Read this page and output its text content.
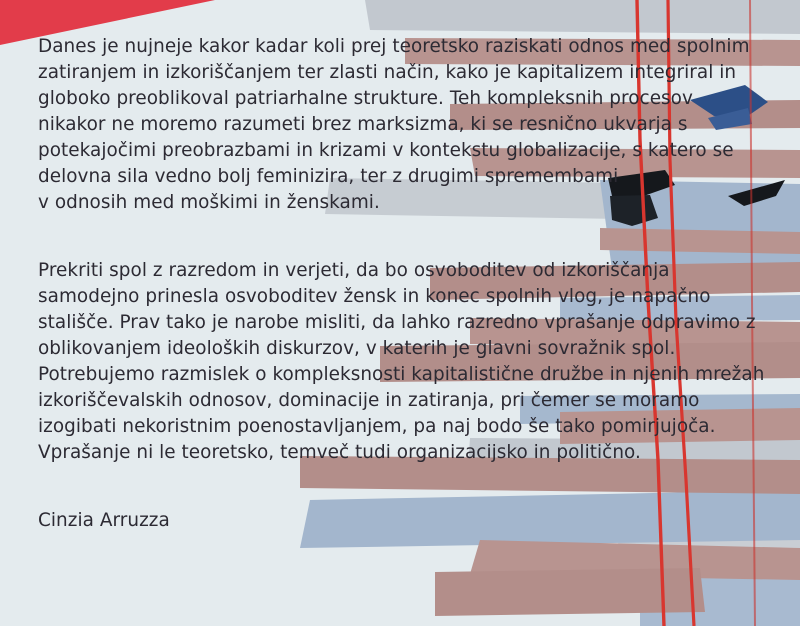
Danes je nujneje kakor kadar koli prej teoretsko raziskati odnos med spolnim
zatiranjem in izkoriščanjem ter zlasti način, kako je kapitalizem integriral in
globoko preoblikoval patriarhalne strukture. Teh kompleksnih procesov
nikakor ne moremo razumeti brez marksizma, ki se resnično ukvarja s
potekajočimi preobrazbami in krizami v kontekstu globalizacije, s katero se
delovna sila vedno bolj feminizira, ter z drugimi spremembami
v odnosih med moškimi in ženskami.
Prekriti spol z razredom in verjeti, da bo osvoboditev od izkoriščanja
samodejno prinesla osvoboditev žensk in konec spolnih vlog, je napačno
stališče. Prav tako je narobe misliti, da lahko razredno vprašanje odpravimo z
oblikovanjem ideoloških diskurzov, v katerih je glavni sovražnik spol.
Potrebujemo razmislek o kompleksnosti kapitalistične družbe in njenih mrežah
izkoriščevalskih odnosov, dominacije in zatiranja, pri čemer se moramo
izogibati nekoristnim poenostavljanjem, pa naj bodo še tako pomirjujoča.
Vprašanje ni le teoretsko, temveč tudi organizacijsko in politično.
Cinzia Arruzza
